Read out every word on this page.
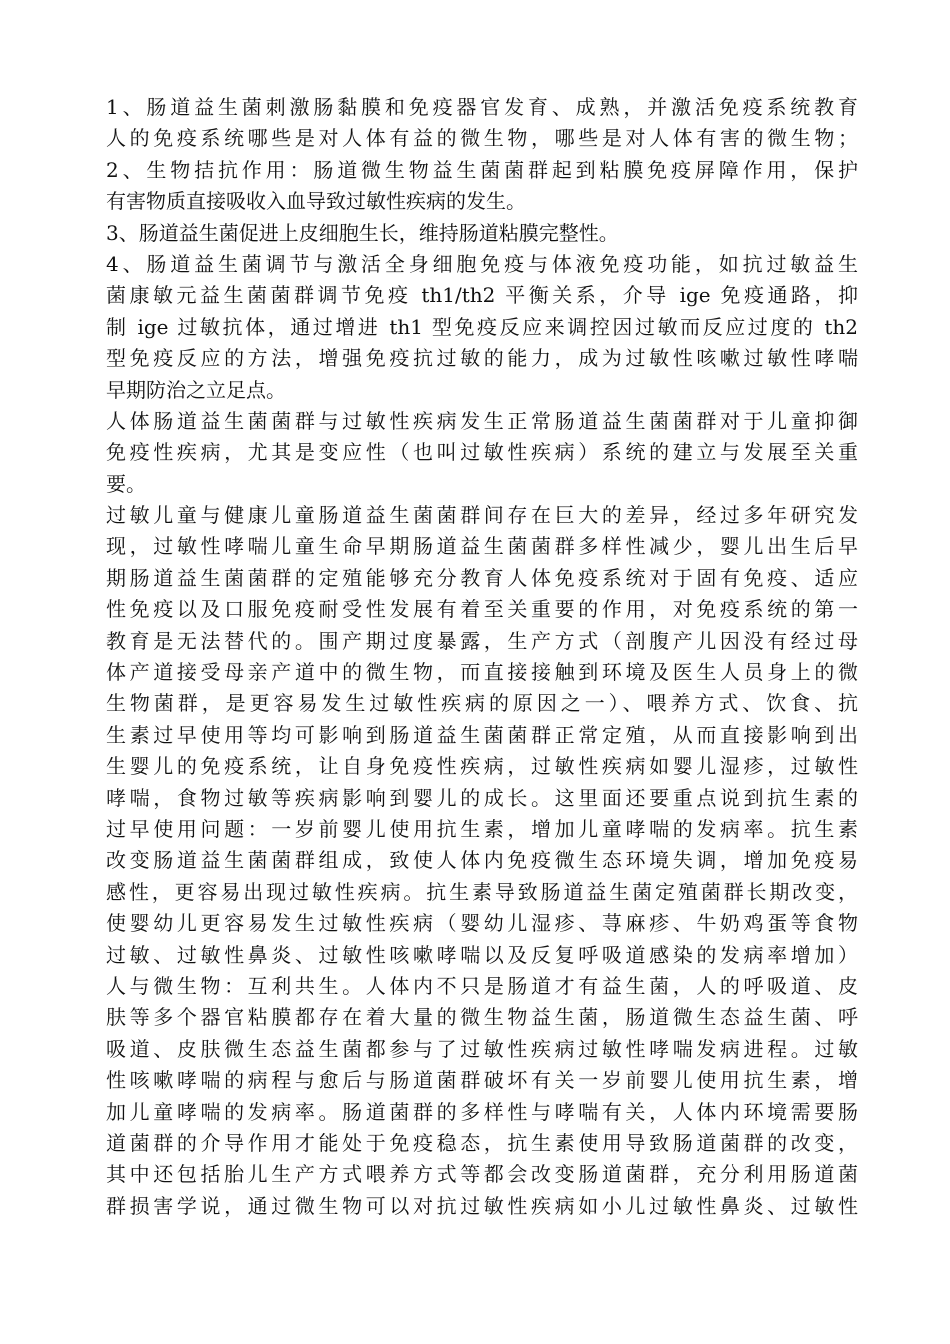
1、肠道益生菌刺激肠黏膜和免疫器官发育、成熟，并激活免疫系统教育
人的免疫系统哪些是对人体有益的微生物，哪些是对人体有害的微生物；
2、生物拮抗作用：肠道微生物益生菌菌群起到粘膜免疫屏障作用，保护
有害物质直接吸收入血导致过敏性疾病的发生。
3、肠道益生菌促进上皮细胞生长，维持肠道粘膜完整性。
4、肠道益生菌调节与激活全身细胞免疫与体液免疫功能，如抗过敏益生
菌康敏元益生菌菌群调节免疫 th1/th2 平衡关系，介导 ige 免疫通路，抑
制 ige 过敏抗体，通过增进 th1 型免疫反应来调控因过敏而反应过度的 th2
型免疫反应的方法，增强免疫抗过敏的能力，成为过敏性咳嗽过敏性哮喘
早期防治之立足点。
人体肠道益生菌菌群与过敏性疾病发生正常肠道益生菌菌群对于儿童抑御
免疫性疾病，尤其是变应性（也叫过敏性疾病）系统的建立与发展至关重
要。
过敏儿童与健康儿童肠道益生菌菌群间存在巨大的差异，经过多年研究发
现，过敏性哮喘儿童生命早期肠道益生菌菌群多样性减少，婴儿出生后早
期肠道益生菌菌群的定殖能够充分教育人体免疫系统对于固有免疫、适应
性免疫以及口服免疫耐受性发展有着至关重要的作用，对免疫系统的第一
教育是无法替代的。围产期过度暴露，生产方式（剖腹产儿因没有经过母
体产道接受母亲产道中的微生物，而直接接触到环境及医生人员身上的微
生物菌群，是更容易发生过敏性疾病的原因之一）、喂养方式、饮食、抗
生素过早使用等均可影响到肠道益生菌菌群正常定殖，从而直接影响到出
生婴儿的免疫系统，让自身免疫性疾病，过敏性疾病如婴儿湿疹，过敏性
哮喘，食物过敏等疾病影响到婴儿的成长。这里面还要重点说到抗生素的
过早使用问题：一岁前婴儿使用抗生素，增加儿童哮喘的发病率。抗生素
改变肠道益生菌菌群组成，致使人体内免疫微生态环境失调，增加免疫易
感性，更容易出现过敏性疾病。抗生素导致肠道益生菌定殖菌群长期改变，
使婴幼儿更容易发生过敏性疾病（婴幼儿湿疹、荨麻疹、牛奶鸡蛋等食物
过敏、过敏性鼻炎、过敏性咳嗽哮喘以及反复呼吸道感染的发病率增加）
人与微生物：互利共生。人体内不只是肠道才有益生菌，人的呼吸道、皮
肤等多个器官粘膜都存在着大量的微生物益生菌，肠道微生态益生菌、呼
吸道、皮肤微生态益生菌都参与了过敏性疾病过敏性哮喘发病进程。过敏
性咳嗽哮喘的病程与愈后与肠道菌群破坏有关一岁前婴儿使用抗生素，增
加儿童哮喘的发病率。肠道菌群的多样性与哮喘有关，人体内环境需要肠
道菌群的介导作用才能处于免疫稳态，抗生素使用导致肠道菌群的改变，
其中还包括胎儿生产方式喂养方式等都会改变肠道菌群，充分利用肠道菌
群损害学说，通过微生物可以对抗过敏性疾病如小儿过敏性鼻炎、过敏性
